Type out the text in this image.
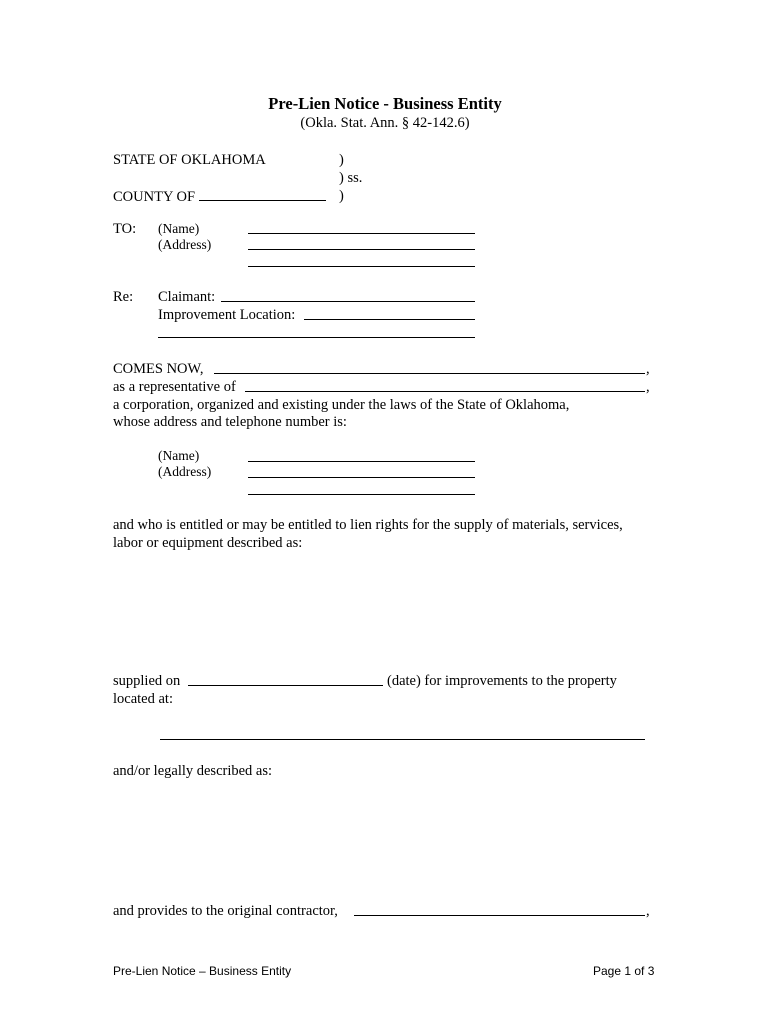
Pre-Lien Notice - Business Entity
(Okla. Stat. Ann. § 42-142.6)
STATE OF OKLAHOMA	)
) ss.
COUNTY OF	)
TO: (Name)
(Address)
Re: Claimant:
Improvement Location:
COMES NOW,	,
as a representative of	,
a corporation, organized and existing under the laws of the State of Oklahoma,
whose address and telephone number is:
(Name)
(Address)
and who is entitled or may be entitled to lien rights for the supply of materials, services,
labor or equipment described as:
supplied on	(date) for improvements to the property
located at:
and/or legally described as:
and provides to the original contractor,	,
Pre-Lien Notice – Business Entity	Page 1 of 3
